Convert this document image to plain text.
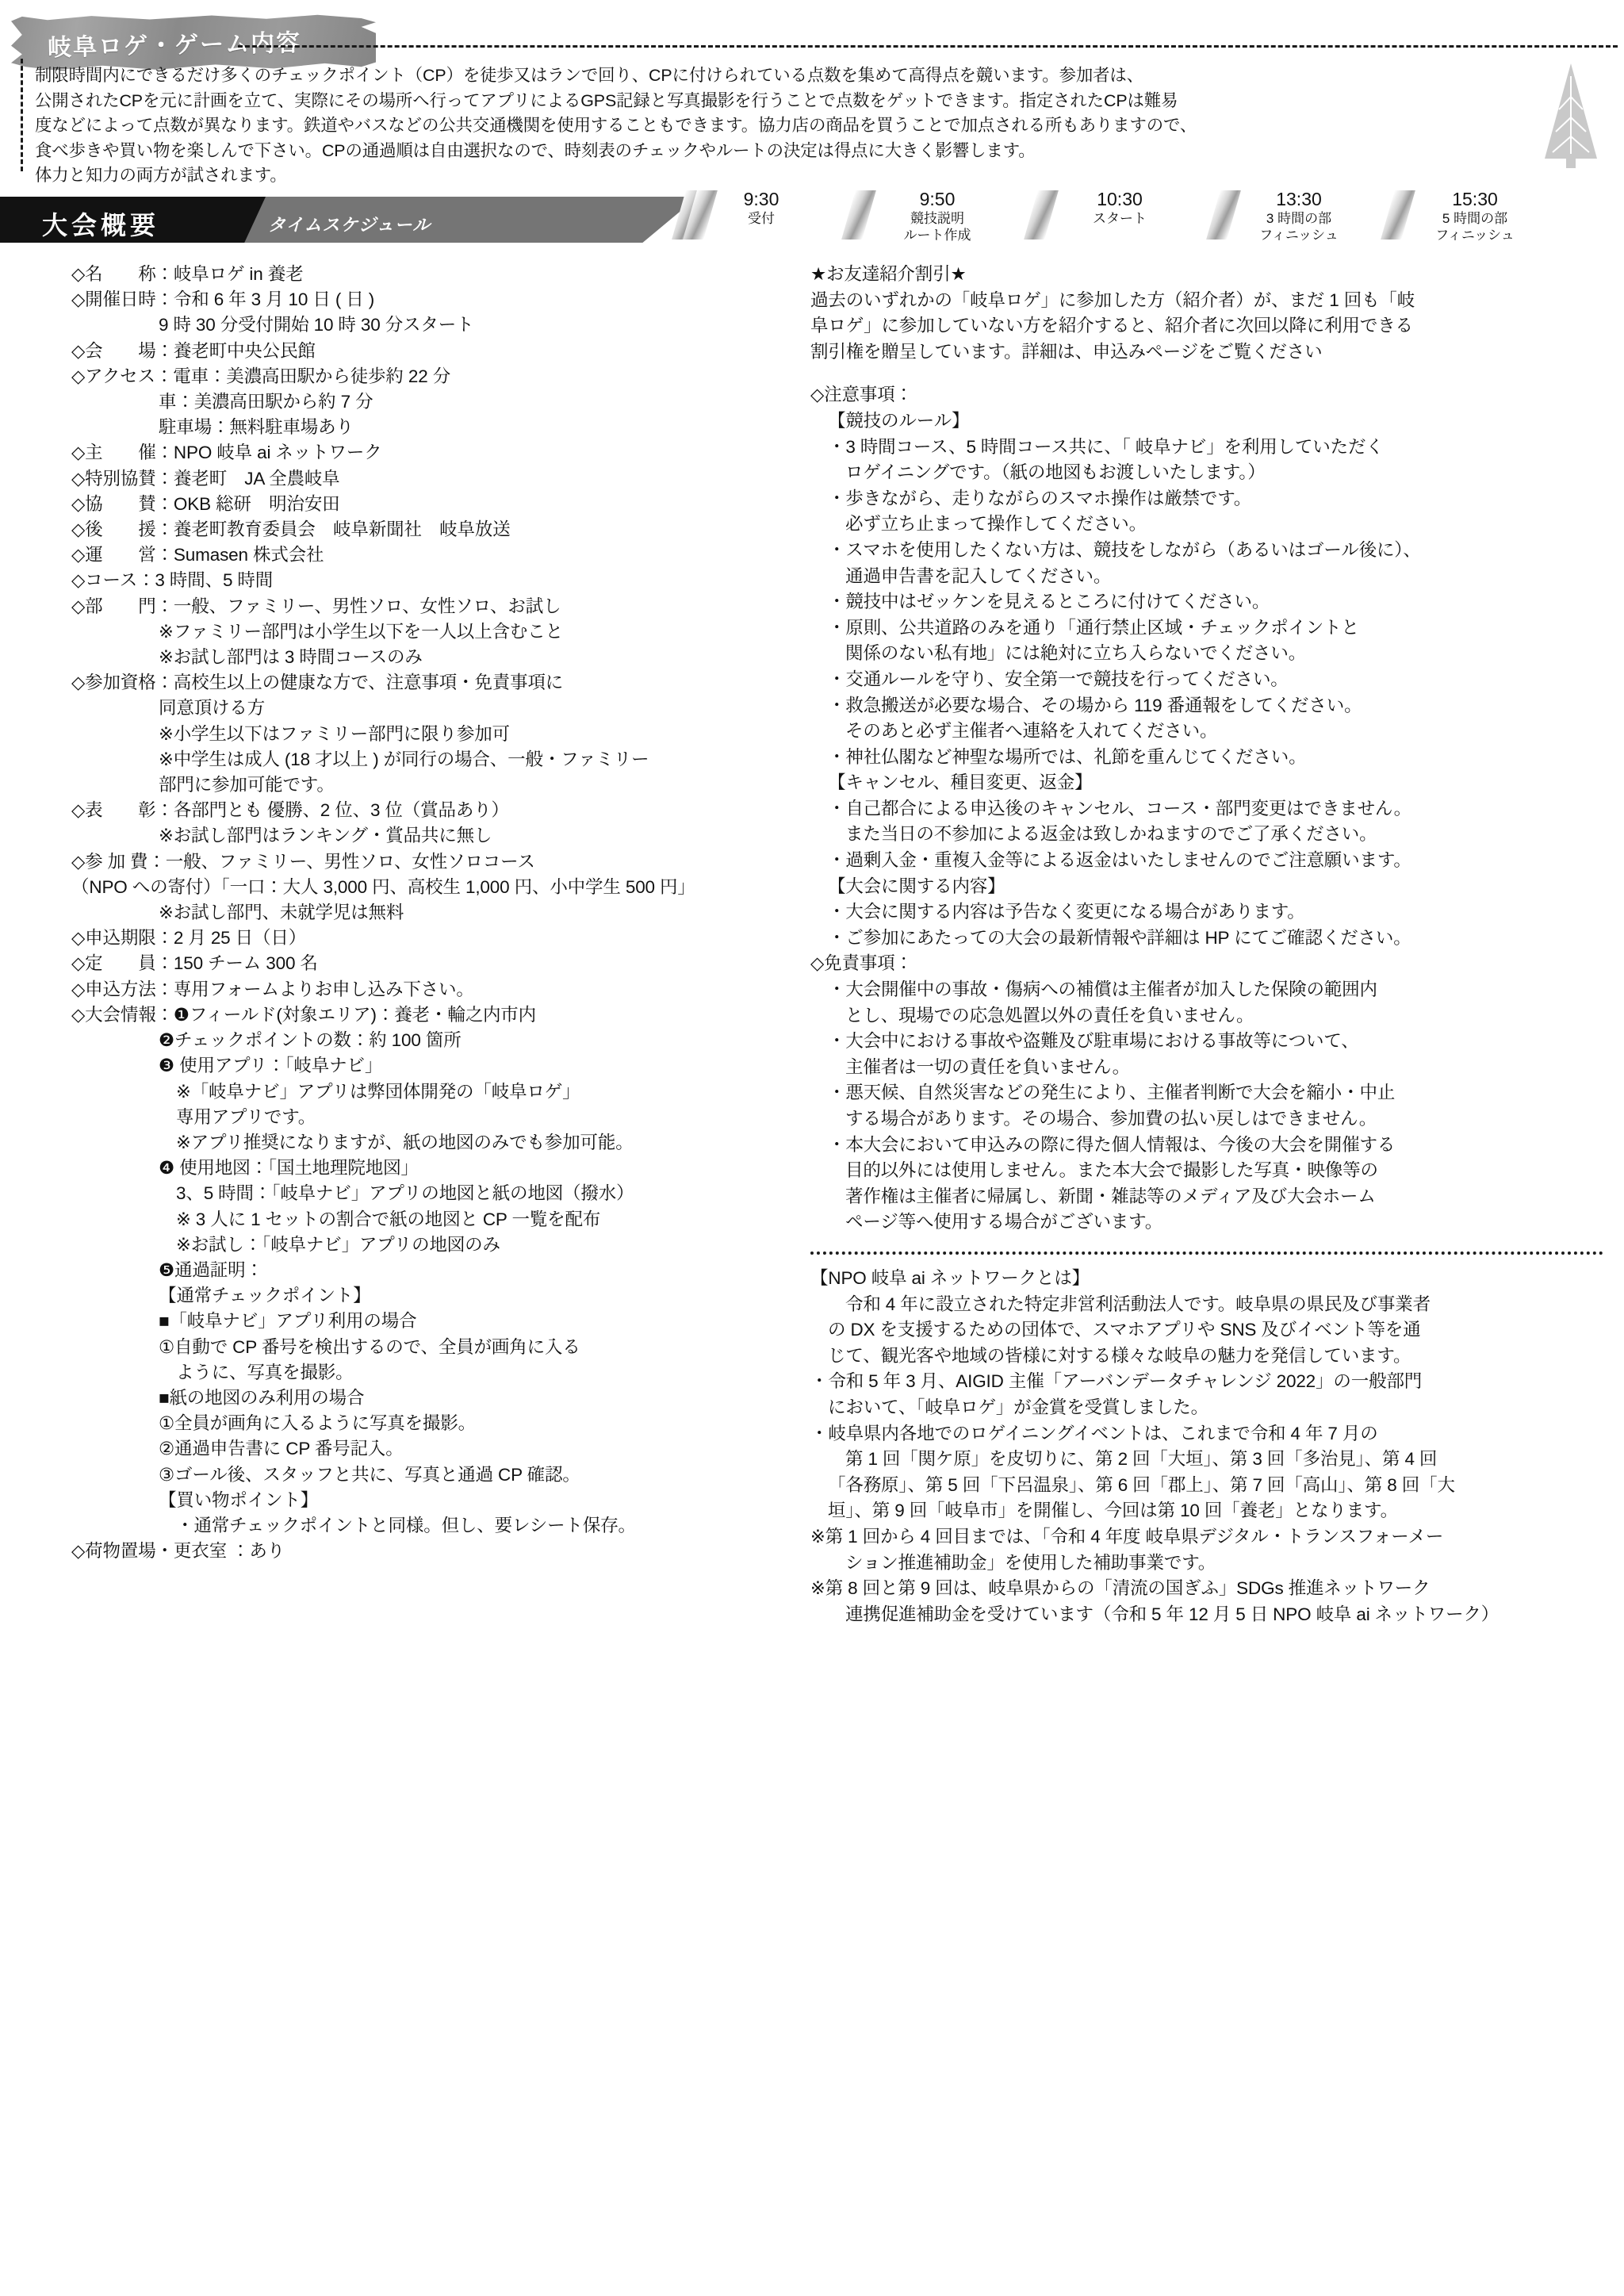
岐阜ロゲ・ゲーム内容

制限時間内にできるだけ多くのチェックポイント（CP）を徒歩又はランで回り、CPに付けられている点数を集めて高得点を競います。参加者は、

公開されたCPを元に計画を立て、実際にその場所へ行ってアプリによるGPS記録と写真撮影を行うことで点数をゲットできます。指定されたCPは難易

度などによって点数が異なります。鉄道やバスなどの公共交通機関を使用することもできます。協力店の商品を買うことで加点される所もありますので、

食べ歩きや買い物を楽しんで下さい。CPの通過順は自由選択なので、時刻表のチェックやルートの決定は得点に大きく影響します。

体力と知力の両方が試されます。

大会概要	タイムスケジュール
9:30
受付
9:50
競技説明
ルート作成
10:30
スタート
13:30
3 時間の部
フィニッシュ
15:30
5 時間の部
フィニッシュ
◇名　　称：岐阜ロゲ in 養老
◇開催日時：令和 6 年 3 月 10 日 ( 日 )
9 時 30 分受付開始 10 時 30 分スタート
◇会　　場：養老町中央公民館
◇アクセス：電車：美濃高田駅から徒歩約 22 分
車：美濃高田駅から約 7 分
駐車場：無料駐車場あり
◇主　　催：NPO 岐阜 ai ネットワーク
◇特別協賛：養老町　JA 全農岐阜
◇協　　賛：OKB 総研　明治安田
◇後　　援：養老町教育委員会　岐阜新聞社　岐阜放送
◇運　　営：Sumasen 株式会社
◇コース：3 時間、5 時間
◇部　　門：一般、ファミリー、男性ソロ、女性ソロ、お試し
※ファミリー部門は小学生以下を一人以上含むこと
※お試し部門は 3 時間コースのみ
◇参加資格：高校生以上の健康な方で、注意事項・免責事項に
同意頂ける方
※小学生以下はファミリー部門に限り参加可
※中学生は成人 (18 才以上 ) が同行の場合、一般・ファミリー
部門に参加可能です。
◇表　　彰：各部門とも 優勝、2 位、3 位（賞品あり）
※お試し部門はランキング・賞品共に無し
◇参 加 費：一般、ファミリー、男性ソロ、女性ソロコース
（NPO への寄付）「一口：大人 3,000 円、高校生 1,000 円、小中学生 500 円」
※お試し部門、未就学児は無料
◇申込期限：2 月 25 日（日）
◇定　　員：150 チーム 300 名
◇申込方法：専用フォームよりお申し込み下さい。
◇大会情報：❶フィールド(対象エリア)：養老・輪之内市内
❷チェックポイントの数：約 100 箇所
❸ 使用アプリ：「岐阜ナビ」
※「岐阜ナビ」アプリは弊団体開発の「岐阜ロゲ」
専用アプリです。
※アプリ推奨になりますが、紙の地図のみでも参加可能。
❹ 使用地図：「国土地理院地図」
3、5 時間：「岐阜ナビ」アプリの地図と紙の地図（撥水）
※ 3 人に 1 セットの割合で紙の地図と CP 一覧を配布
※お試し：「岐阜ナビ」アプリの地図のみ
❺通過証明：
【通常チェックポイント】
■「岐阜ナビ」アプリ利用の場合
①自動で CP 番号を検出するので、全員が画角に入る
ように、写真を撮影。
■紙の地図のみ利用の場合
①全員が画角に入るように写真を撮影。
②通過申告書に CP 番号記入。
③ゴール後、スタッフと共に、写真と通過 CP 確認。
【買い物ポイント】
・通常チェックポイントと同様。但し、要レシート保存。
◇荷物置場・更衣室 ：あり
★お友達紹介割引★
過去のいずれかの「岐阜ロゲ」に参加した方（紹介者）が、まだ 1 回も「岐
阜ロゲ」に参加していない方を紹介すると、紹介者に次回以降に利用できる
割引権を贈呈しています。詳細は、申込みページをご覧ください
◇注意事項：
【競技のルール】
・3 時間コース、5 時間コース共に、「 岐阜ナビ」を利用していただく
ロゲイニングです。（紙の地図もお渡しいたします。）
・歩きながら、走りながらのスマホ操作は厳禁です。
必ず立ち止まって操作してください。
・スマホを使用したくない方は、競技をしながら（あるいはゴール後に）、
通過申告書を記入してください。
・競技中はゼッケンを見えるところに付けてください。
・原則、公共道路のみを通り「通行禁止区域・チェックポイントと
関係のない私有地」には絶対に立ち入らないでください。
・交通ルールを守り、安全第一で競技を行ってください。
・救急搬送が必要な場合、その場から 119 番通報をしてください。
そのあと必ず主催者へ連絡を入れてください。
・神社仏閣など神聖な場所では、礼節を重んじてください。
【キャンセル、種目変更、返金】
・自己都合による申込後のキャンセル、コース・部門変更はできません。
また当日の不参加による返金は致しかねますのでご了承ください。
・過剰入金・重複入金等による返金はいたしませんのでご注意願います。
【大会に関する内容】
・大会に関する内容は予告なく変更になる場合があります。
・ご参加にあたっての大会の最新情報や詳細は HP にてご確認ください。
◇免責事項：
・大会開催中の事故・傷病への補償は主催者が加入した保険の範囲内
とし、現場での応急処置以外の責任を負いません。
・大会中における事故や盗難及び駐車場における事故等について、
主催者は一切の責任を負いません。
・悪天候、自然災害などの発生により、主催者判断で大会を縮小・中止
する場合があります。その場合、参加費の払い戻しはできません。
・本大会において申込みの際に得た個人情報は、今後の大会を開催する
目的以外には使用しません。また本大会で撮影した写真・映像等の
著作権は主催者に帰属し、新聞・雑誌等のメディア及び大会ホーム
ページ等へ使用する場合がございます。
【NPO 岐阜 ai ネットワークとは】
令和 4 年に設立された特定非営利活動法人です。岐阜県の県民及び事業者
の DX を支援するための団体で、スマホアプリや SNS 及びイベント等を通
じて、観光客や地域の皆様に対する様々な岐阜の魅力を発信しています。
・令和 5 年 3 月、AIGID 主催「アーバンデータチャレンジ 2022」の一般部門
において、「岐阜ロゲ」が金賞を受賞しました。
・岐阜県内各地でのロゲイニングイベントは、これまで令和 4 年 7 月の
第 1 回「関ケ原」を皮切りに、第 2 回「大垣」、第 3 回「多治見」、第 4 回
「各務原」、第 5 回「下呂温泉」、第 6 回「郡上」、第 7 回「高山」、第 8 回「大
垣」、第 9 回「岐阜市」を開催し、今回は第 10 回「養老」となります。
※第 1 回から 4 回目までは、「令和 4 年度 岐阜県デジタル・トランスフォーメー
ション推進補助金」を使用した補助事業です。
※第 8 回と第 9 回は、岐阜県からの「清流の国ぎふ」SDGs 推進ネットワーク
連携促進補助金を受けています（令和 5 年 12 月 5 日 NPO 岐阜 ai ネットワーク）
